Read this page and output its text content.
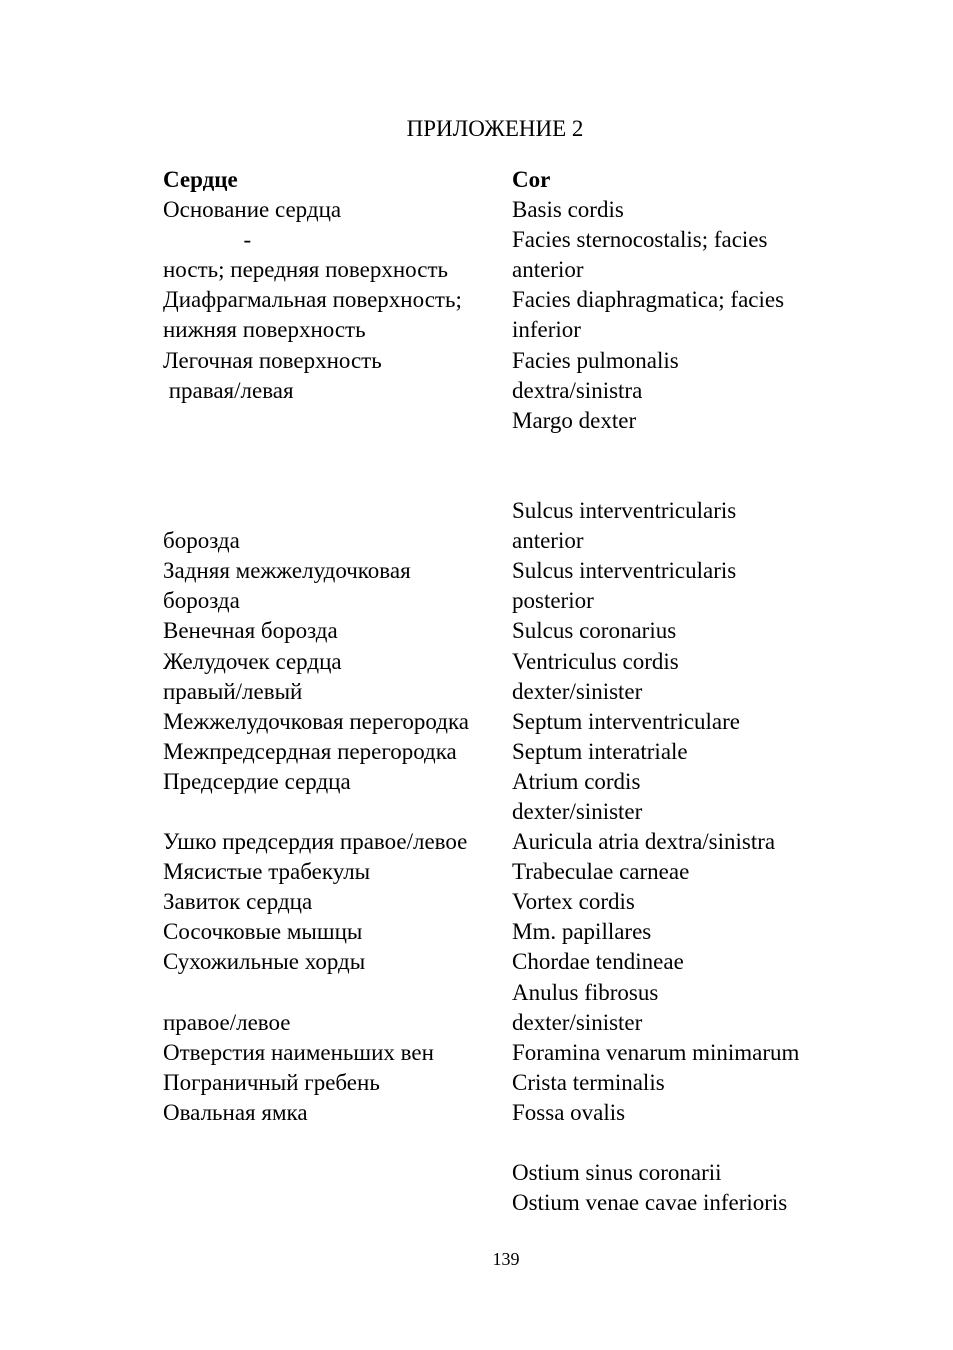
ПРИЛОЖЕНИЕ 2
Сердце
Основание сердца
-
ность; передняя поверхность
Диафрагмальная поверхность;
нижняя поверхность
Легочная поверхность
правая/левая
борозда
Задняя межжелудочковая
борозда
Венечная борозда
Желудочек сердца
правый/левый
Межжелудочковая перегородка
Межпредсердная перегородка
Предсердие сердца
Ушко предсердия правое/левое
Мясистые трабекулы
Завиток сердца
Сосочковые мышцы
Сухожильные хорды
правое/левое
Отверстия наименьших вен
Пограничный гребень
Овальная ямка
Cor
Basis cordis
Facies sternocostalis; facies
anterior
Facies diaphragmatica; facies
inferior
Facies pulmonalis
dextra/sinistra
Margo dexter
Sulcus interventricularis
anterior
Sulcus interventricularis
posterior
Sulcus coronarius
Ventriculus cordis
dexter/sinister
Septum interventriculare
Septum interatriale
Atrium cordis
dexter/sinister
Auricula atria dextra/sinistra
Trabeculae carneae
Vortex cordis
Mm. papillares
Chordae tendineae
Anulus fibrosus
dexter/sinister
Foramina venarum minimarum
Crista terminalis
Fossa ovalis
Ostium sinus coronarii
Ostium venae cavae inferioris
139
